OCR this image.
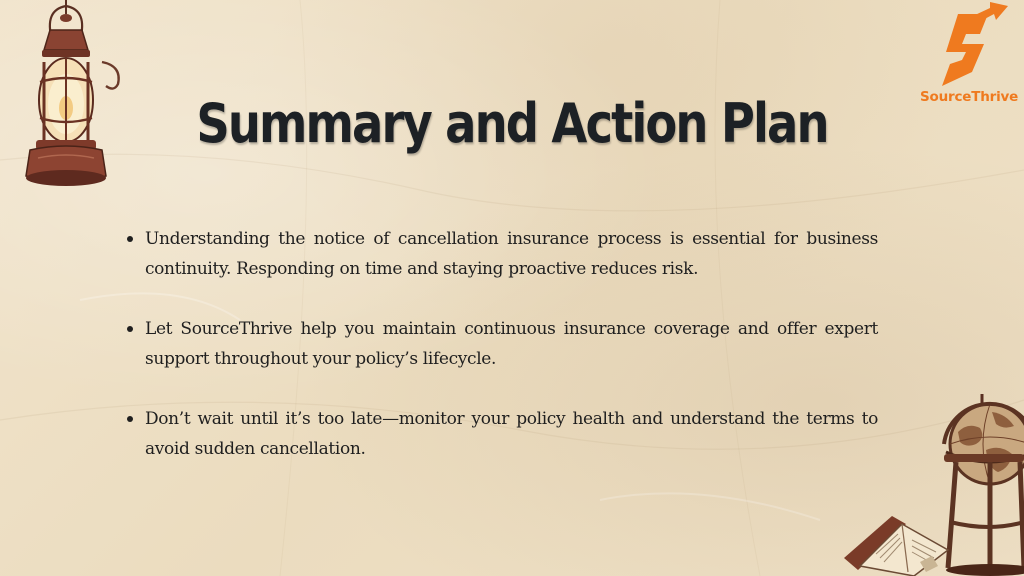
SourceThrive
Summary and Action Plan
Understanding the notice of cancellation insurance process is essential for business continuity. Responding on time and staying proactive reduces risk.
Let SourceThrive help you maintain continuous insurance coverage and offer expert support throughout your policy’s lifecycle.
Don’t wait until it’s too late—monitor your policy health and understand the terms to avoid sudden cancellation.
